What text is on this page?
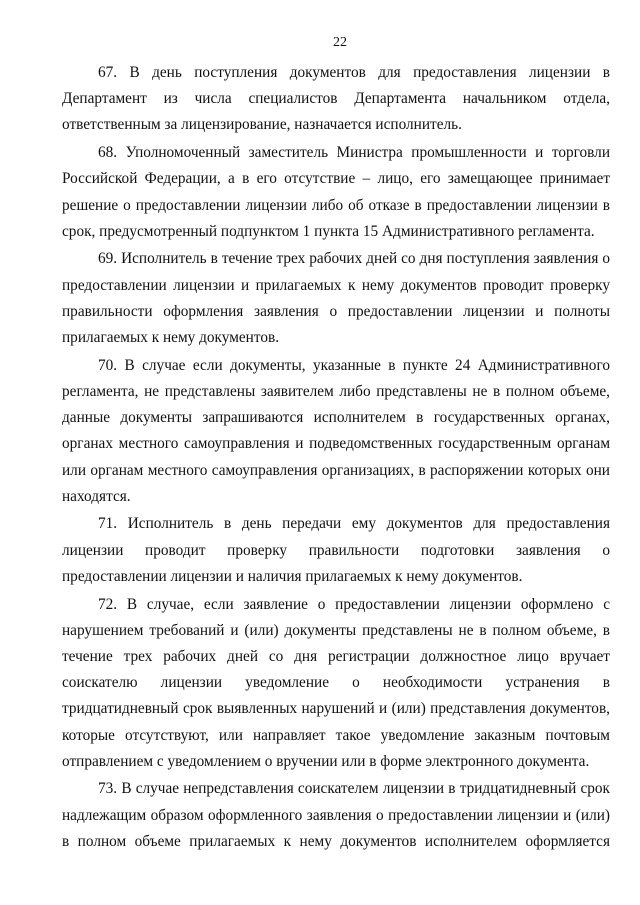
22

67. В день поступления документов для предоставления лицензии в Департамент из числа специалистов Департамента начальником отдела, ответственным за лицензирование, назначается исполнитель.

68. Уполномоченный заместитель Министра промышленности и торговли Российской Федерации, а в его отсутствие – лицо, его замещающее принимает решение о предоставлении лицензии либо об отказе в предоставлении лицензии в срок, предусмотренный подпунктом 1 пункта 15 Административного регламента.

69. Исполнитель в течение трех рабочих дней со дня поступления заявления о предоставлении лицензии и прилагаемых к нему документов проводит проверку правильности оформления заявления о предоставлении лицензии и полноты прилагаемых к нему документов.

70. В случае если документы, указанные в пункте 24 Административного регламента, не представлены заявителем либо представлены не в полном объеме, данные документы запрашиваются исполнителем в государственных органах, органах местного самоуправления и подведомственных государственным органам или органам местного самоуправления организациях, в распоряжении которых они находятся.

71. Исполнитель в день передачи ему документов для предоставления лицензии проводит проверку правильности подготовки заявления о предоставлении лицензии и наличия прилагаемых к нему документов.

72. В случае, если заявление о предоставлении лицензии оформлено с нарушением требований и (или) документы представлены не в полном объеме, в течение трех рабочих дней со дня регистрации должностное лицо вручает соискателю лицензии уведомление о необходимости устранения в тридцатидневный срок выявленных нарушений и (или) представления документов, которые отсутствуют, или направляет такое уведомление заказным почтовым отправлением с уведомлением о вручении или в форме электронного документа.

73. В случае непредставления соискателем лицензии в тридцатидневный срок надлежащим образом оформленного заявления о предоставлении лицензии и (или) в полном объеме прилагаемых к нему документов исполнителем оформляется
